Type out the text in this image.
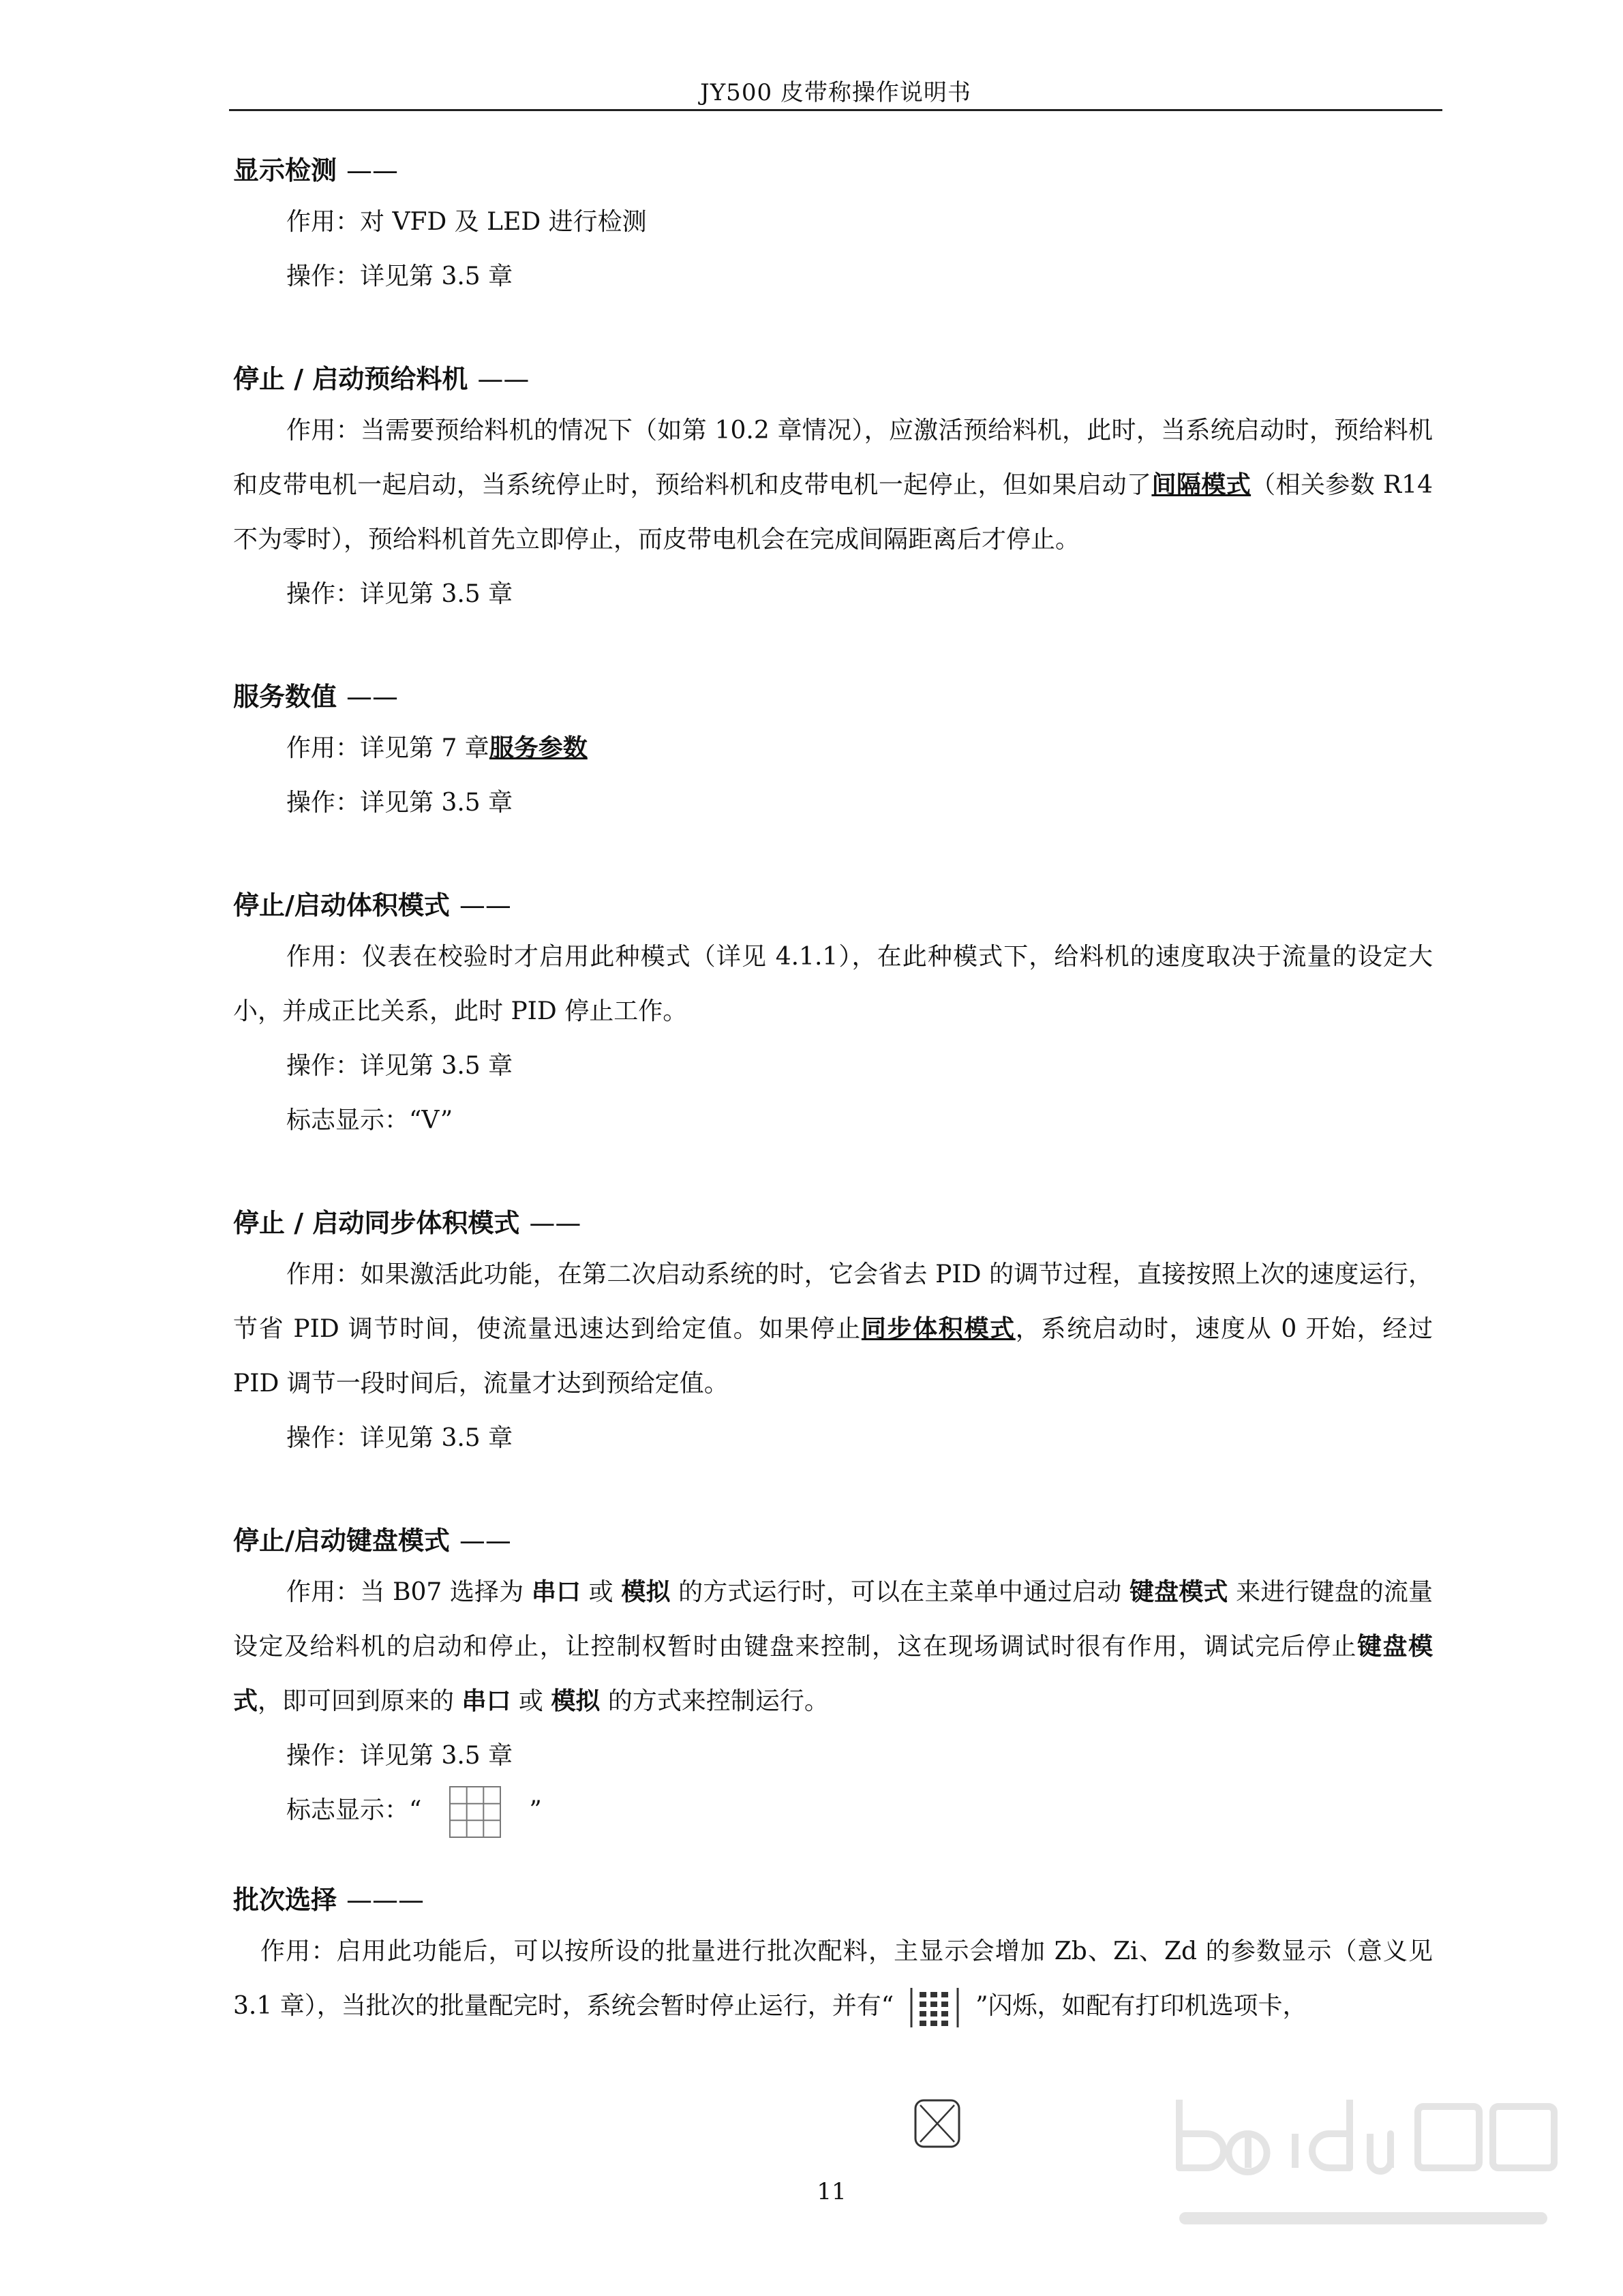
JY500 皮带称操作说明书

显示检测 ——

作用：对 VFD 及 LED 进行检测

操作：详见第 3.5 章

停止 / 启动预给料机 ——

作用：当需要预给料机的情况下（如第 10.2 章情况），应激活预给料机，此时，当系统启动时，预给料机和皮带电机一起启动，当系统停止时，预给料机和皮带电机一起停止，但如果启动了间隔模式（相关参数 R14 不为零时），预给料机首先立即停止，而皮带电机会在完成间隔距离后才停止。

操作：详见第 3.5 章

服务数值 ——

作用：详见第 7 章服务参数

操作：详见第 3.5 章

停止/启动体积模式 ——

作用：仪表在校验时才启用此种模式（详见 4.1.1），在此种模式下，给料机的速度取决于流量的设定大小，并成正比关系，此时 PID 停止工作。

操作：详见第 3.5 章

标志显示：“V”

停止 / 启动同步体积模式 ——

作用：如果激活此功能，在第二次启动系统的时，它会省去 PID 的调节过程，直接按照上次的速度运行，节省 PID 调节时间，使流量迅速达到给定值。如果停止同步体积模式，系统启动时，速度从 0 开始，经过 PID 调节一段时间后，流量才达到预给定值。

操作：详见第 3.5 章

停止/启动键盘模式 ——

作用：当 B07 选择为 串口 或 模拟 的方式运行时，可以在主菜单中通过启动 键盘模式 来进行键盘的流量设定及给料机的启动和停止，让控制权暂时由键盘来控制，这在现场调试时很有作用，调试完后停止键盘模式，即可回到原来的 串口 或 模拟 的方式来控制运行。

操作：详见第 3.5 章

标志显示：“	”

批次选择 ———

作用：启用此功能后，可以按所设的批量进行批次配料，主显示会增加 Zb、Zi、Zd 的参数显示（意义见 3.1 章），当批次的批量配完时，系统会暂时停止运行，并有“	”闪烁，如配有打印机选项卡，

11
